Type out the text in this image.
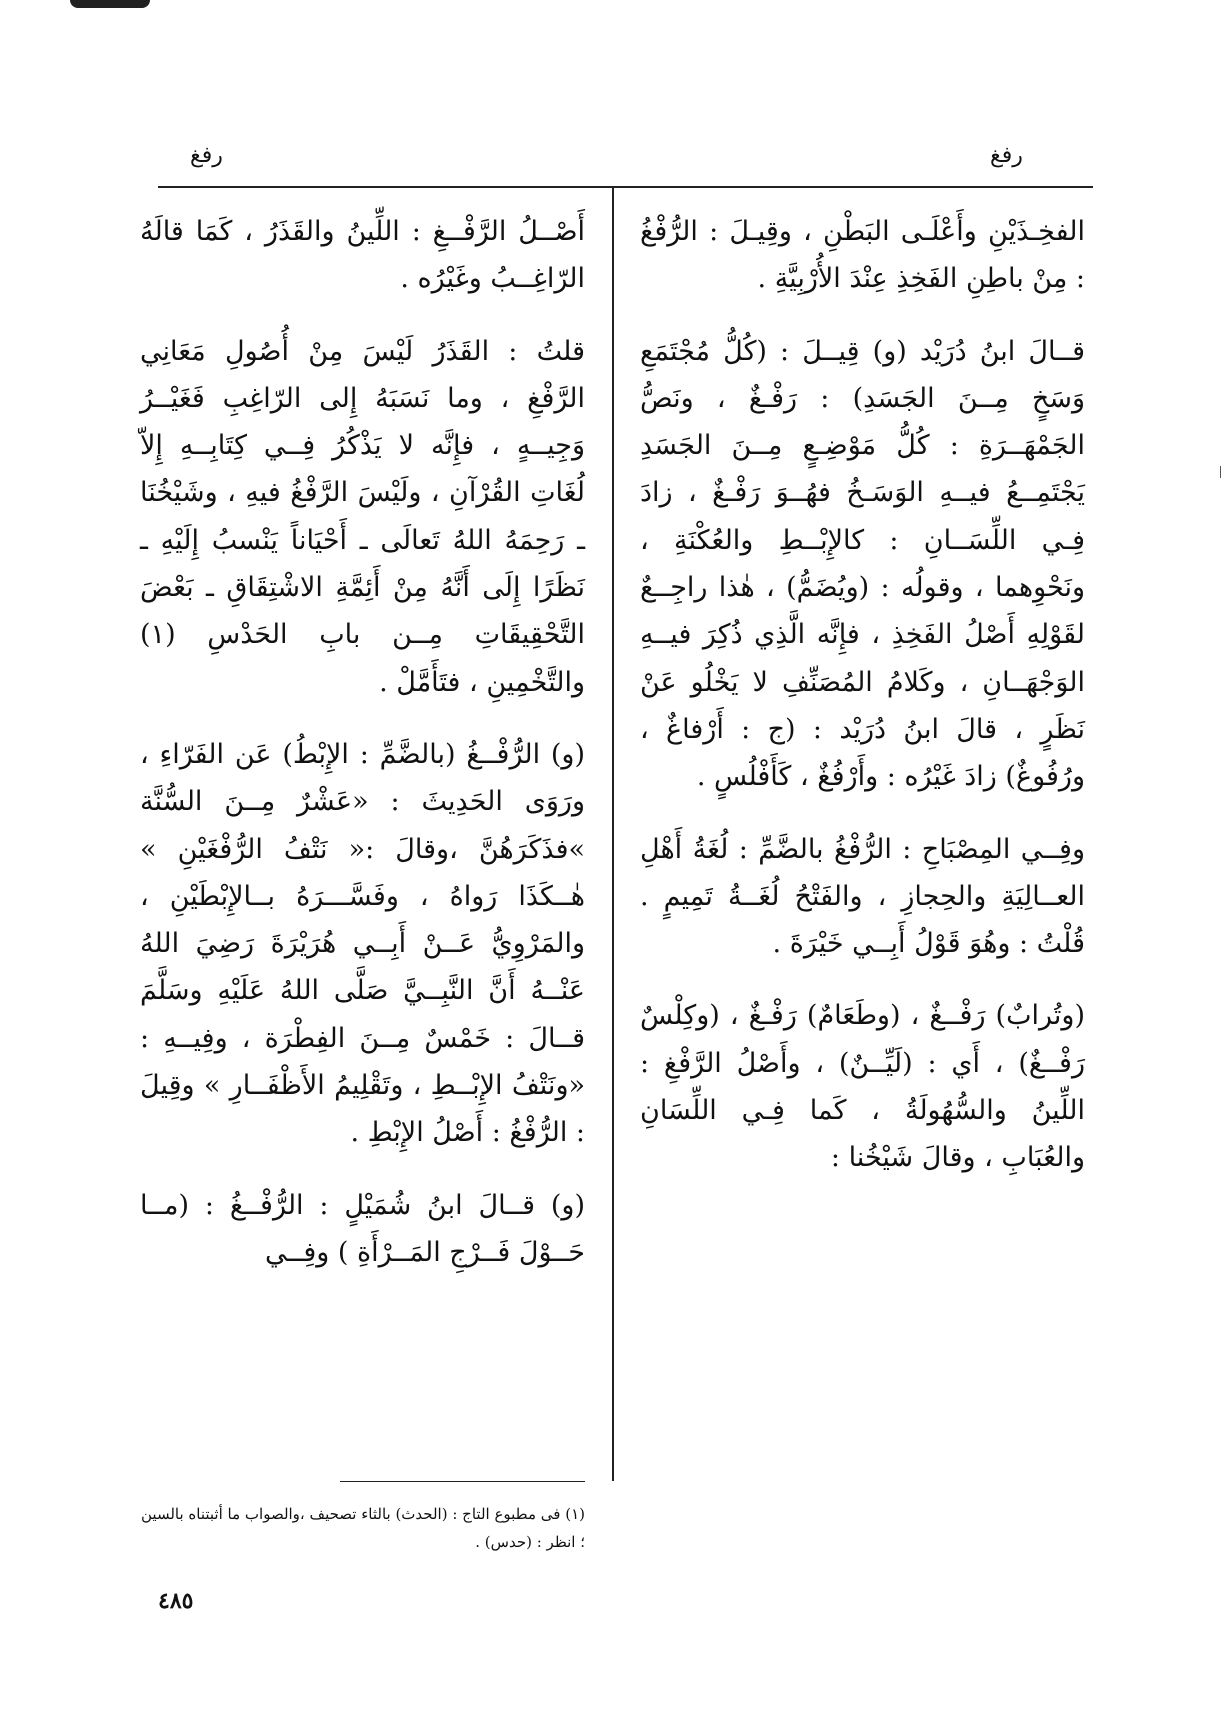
رفغ	رفغ

الفخِـذَيْنِ وأَعْلَـى البَطْنِ ، وقِيـلَ : الرُّفْغُ : مِنْ باطِنِ الفَخِذِ عِنْدَ الأُرْبِيَّةِ .

قــالَ ابنُ دُرَيْد (و) قِيــلَ : (كُلُّ مُجْتَمَعِ وَسَخٍ مِــنَ الجَسَدِ) : رَفْـغٌ ، ونَصُّ الجَمْهَــرَةِ : كُلُّ مَوْضِـعٍ مِــنَ الجَسَدِ يَجْتَمِــعُ فيــهِ الوَسَـخُ فهُــوَ رَفْـغٌ ، زادَ فِـي اللِّسَــانِ : كالإِبْــطِ والعُكْنَةِ ، ونَحْوِهما ، وقولُه : (ويُضَمُّ) ، هٰذا راجِــعٌ لقَوْلِهِ أَصْلُ الفَخِذِ ، فإِنَّه الَّذِي ذُكِرَ فيــهِ الوَجْهَــانِ ، وكَلامُ المُصَنِّفِ لا يَخْلُو عَنْ نَظَرٍ ، قالَ ابنُ دُرَيْد : (ج : أَرْفاغٌ ، ورُفُوغٌ) زادَ غَيْرُه : وأَرْفُغٌ ، كَأَفْلُسٍ .

وفِــي المِصْبَاحِ : الرُّفْغُ بالضَّمِّ : لُغَةُ أَهْلِ العــالِيَةِ والحِجازِ ، والفَتْحُ لُغَــةُ تَمِيمٍ . قُلْتُ : وهُوَ قَوْلُ أَبِــي خَيْرَةَ .

(وتُرابٌ) رَفْــغٌ ، (وطَعَامٌ) رَفْـغٌ ، (وكِلْسٌ رَفْــغٌ) ، أَي : (لَيِّــنٌ) ، وأَصْلُ الرَّفْغِ : اللِّينُ والسُّهُولَةُ ، كَما فِـي اللِّسَانِ والعُبَابِ ، وقالَ شَيْخُنا :

أَصْــلُ الرَّفْــغِ : اللِّينُ والقَذَرُ ، كَمَا قالَهُ الرّاغِــبُ وغَيْرُه .

قلتُ : القَذَرُ لَيْسَ مِنْ أُصُولِ مَعَانِي الرَّفْغِ ، وما نَسَبَهُ إِلى الرّاغِبِ فَغَيْــرُ وَجِيــهٍ ، فإِنَّه لا يَذْكُرُ فِــي كِتَابِــهِ إِلاّ لُغَاتِ القُرْآنِ ، ولَيْسَ الرَّفْغُ فيهِ ، وشَيْخُنَا ـ رَحِمَهُ اللهُ تَعالَى ـ أَحْيَاناً يَنْسبُ إِلَيْهِ ـ نَظَرًا إِلَى أَنَّهُ مِنْ أَئِمَّةِ الاشْتِقَاقِ ـ بَعْضَ التَّحْقِيقَاتِ مِــن بابِ الحَدْسِ (١) والتَّخْمِينِ ، فتَأَمَّلْ .

(و) الرُّفْــغُ (بالضَّمِّ : الإِبْطُ) عَن الفَرّاءِ ، ورَوَى الحَدِيثَ : «عَشْرٌ مِــنَ السُّنَّة »فذَكَرَهُنَّ ،وقالَ :« نَتْفُ الرُّفْغَيْنِ » هٰــكَذَا رَواهُ ، وفَسَّـــرَهُ بــالإِبْطَيْنِ ، والمَرْوِيُّ عَــنْ أَبِــي هُرَيْرَةَ رَضِيَ اللهُ عَنْــهُ أَنَّ النَّبِــيَّ صَلَّى اللهُ عَلَيْهِ وسَلَّمَ قــالَ : خَمْسٌ مِــنَ الفِطْرَة ، وفِيــهِ : «ونَتْفُ الإِبْــطِ ، وتَقْلِيمُ الأَظْفَــارِ » وقِيلَ : الرُّفْغُ : أَصْلُ الإِبْطِ .

(و) قــالَ ابنُ شُمَيْلٍ : الرُّفْــغُ : (مــا حَــوْلَ فَــرْجِ المَــرْأَةِ ) وفِــي

(١) فى مطبوع التاج : (الحدث) بالثاء تصحيف ،والصواب ما أثبتناه بالسين ؛ انظر : (حدس) .
٤٨٥
